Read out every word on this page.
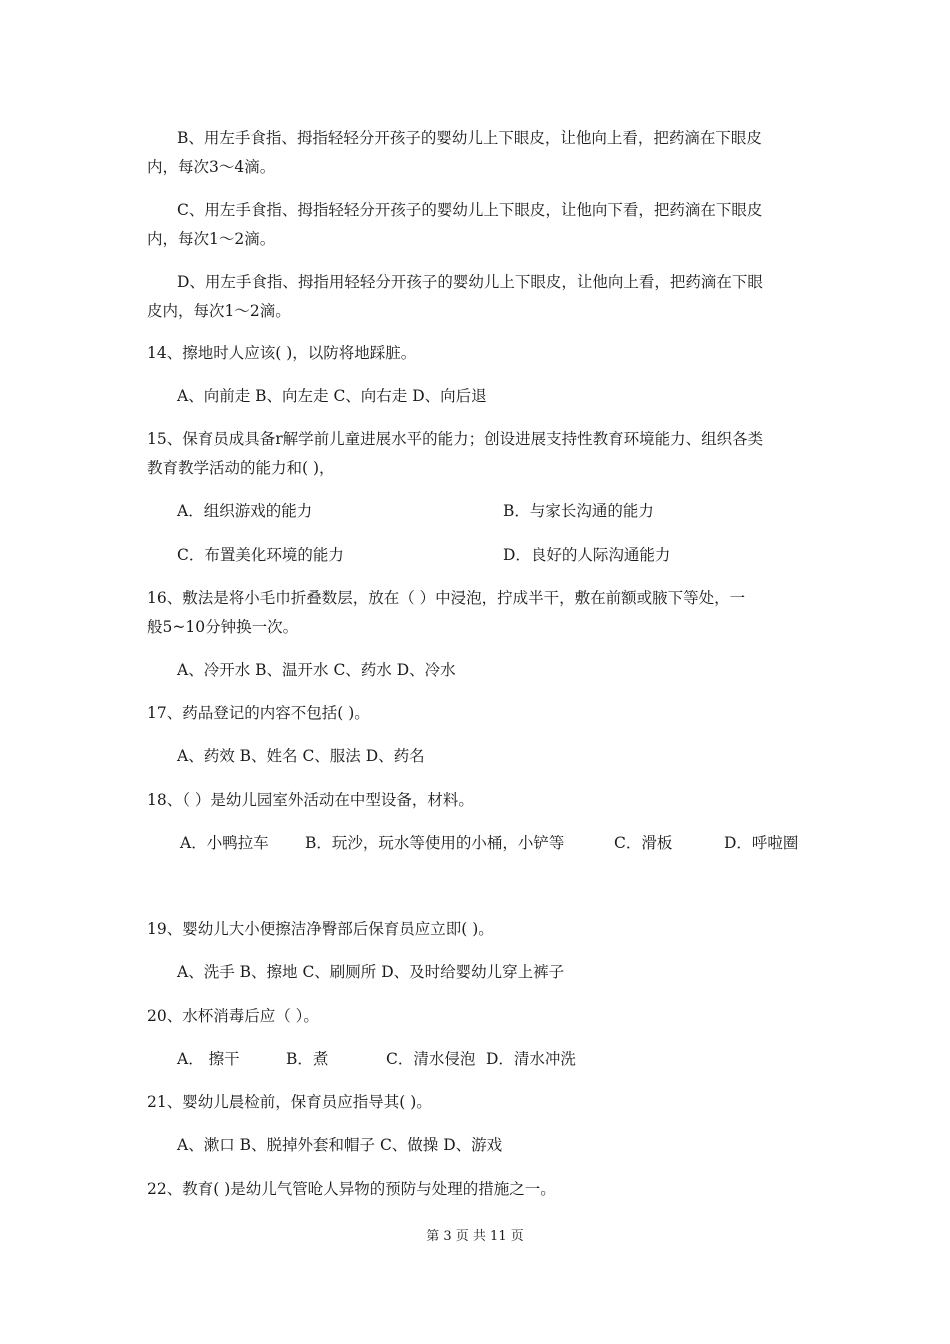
B、用左手食指、拇指轻轻分开孩子的婴幼儿上下眼皮，让他向上看，把药滴在下眼皮
内，每次3～4滴。
C、用左手食指、拇指轻轻分开孩子的婴幼儿上下眼皮，让他向下看，把药滴在下眼皮
内，每次1～2滴。
D、用左手食指、拇指用轻轻分开孩子的婴幼儿上下眼皮，让他向上看，把药滴在下眼
皮内，每次1～2滴。
14、擦地时人应该( )，以防将地踩脏。
A、向前走 B、向左走 C、向右走 D、向后退
15、保育员成具备r解学前儿童进展水平的能力；创设进展支持性教育环境能力、组织各类
教育教学活动的能力和( )，
A．组织游戏的能力	B．与家长沟通的能力
C．布置美化环境的能力	D．良好的人际沟通能力
16、敷法是将小毛巾折叠数层，放在（ ）中浸泡，拧成半干，敷在前额或腋下等处，一
般5~10分钟换一次。
A、冷开水 B、温开水 C、药水 D、冷水
17、药品登记的内容不包括( )。
A、药效 B、姓名 C、服法 D、药名
18、（ ）是幼儿园室外活动在中型设备，材料。
A．小鸭拉车 B．玩沙，玩水等使用的小桶，小铲等	C．滑板	D．呼啦圈
19、婴幼儿大小便擦洁净臀部后保育员应立即( )。
A、洗手 B、擦地 C、刷厕所 D、及时给婴幼儿穿上裤子
20、水杯消毒后应（ ）。
A． 擦干	B．煮	C．清水侵泡 D．清水冲洗
21、婴幼儿晨检前，保育员应指导其( )。
A、漱口 B、脱掉外套和帽子 C、做操 D、游戏
22、教育( )是幼儿气管呛人异物的预防与处理的措施之一。
第 3 页 共 11 页
